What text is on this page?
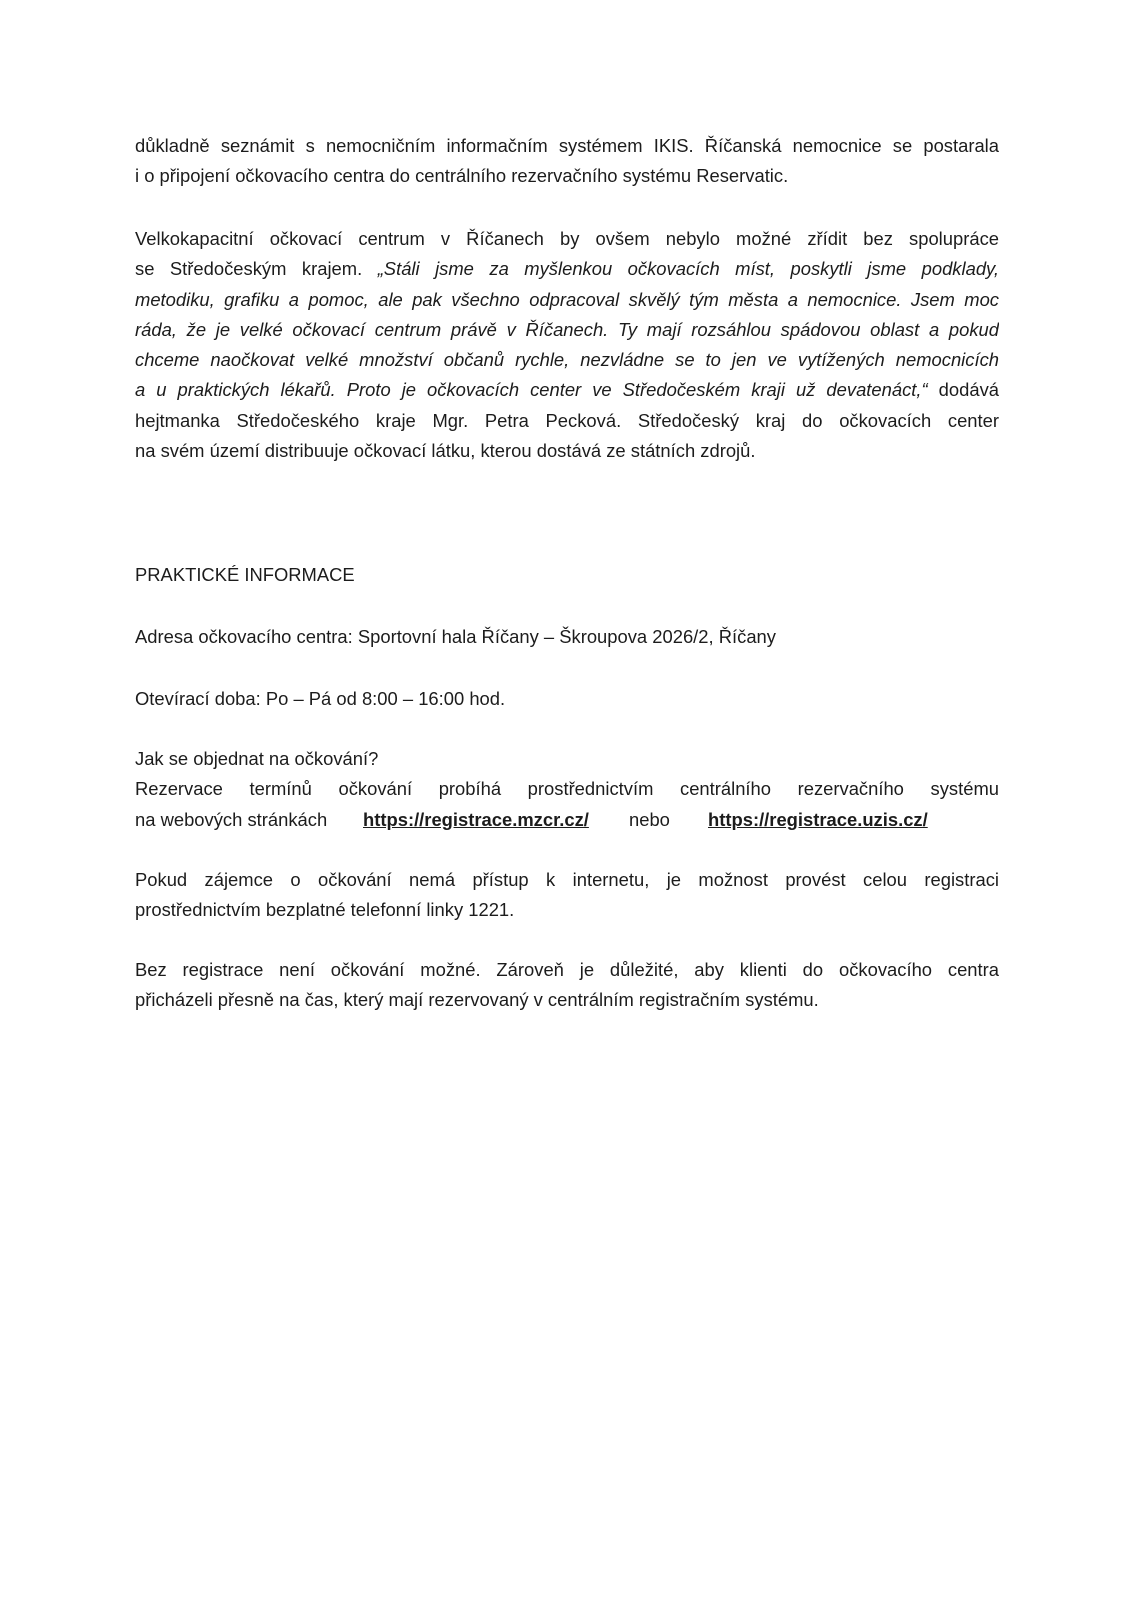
důkladně seznámit s nemocničním informačním systémem IKIS. Říčanská nemocnice se postarala
i o připojení očkovacího centra do centrálního rezervačního systému Reservatic.
Velkokapacitní očkovací centrum v Říčanech by ovšem nebylo možné zřídit bez spolupráce
se Středočeským krajem. „Stáli jsme za myšlenkou očkovacích míst, poskytli jsme podklady,
metodiku, grafiku a pomoc, ale pak všechno odpracoval skvělý tým města a nemocnice. Jsem moc
ráda, že je velké očkovací centrum právě v Říčanech. Ty mají rozsáhlou spádovou oblast a pokud
chceme naočkovat velké množství občanů rychle, nezvládne se to jen ve vytížených nemocnicích
a u praktických lékařů. Proto je očkovacích center ve Středočeském kraji už devatenáct,“ dodává
hejtmanka Středočeského kraje Mgr. Petra Pecková. Středočeský kraj do očkovacích center
na svém území distribuuje očkovací látku, kterou dostává ze státních zdrojů.
PRAKTICKÉ INFORMACE
Adresa očkovacího centra: Sportovní hala Říčany – Škroupova 2026/2, Říčany
Otevírací doba: Po – Pá od 8:00 – 16:00 hod.
Jak se objednat na očkování?
Rezervace termínů očkování probíhá prostřednictvím centrálního rezervačního systému
na webových stránkách https://registrace.mzcr.cz/ nebo https://registrace.uzis.cz/
Pokud zájemce o očkování nemá přístup k internetu, je možnost provést celou registraci
prostřednictvím bezplatné telefonní linky 1221.
Bez registrace není očkování možné. Zároveň je důležité, aby klienti do očkovacího centra
přicházeli přesně na čas, který mají rezervovaný v centrálním registračním systému.
